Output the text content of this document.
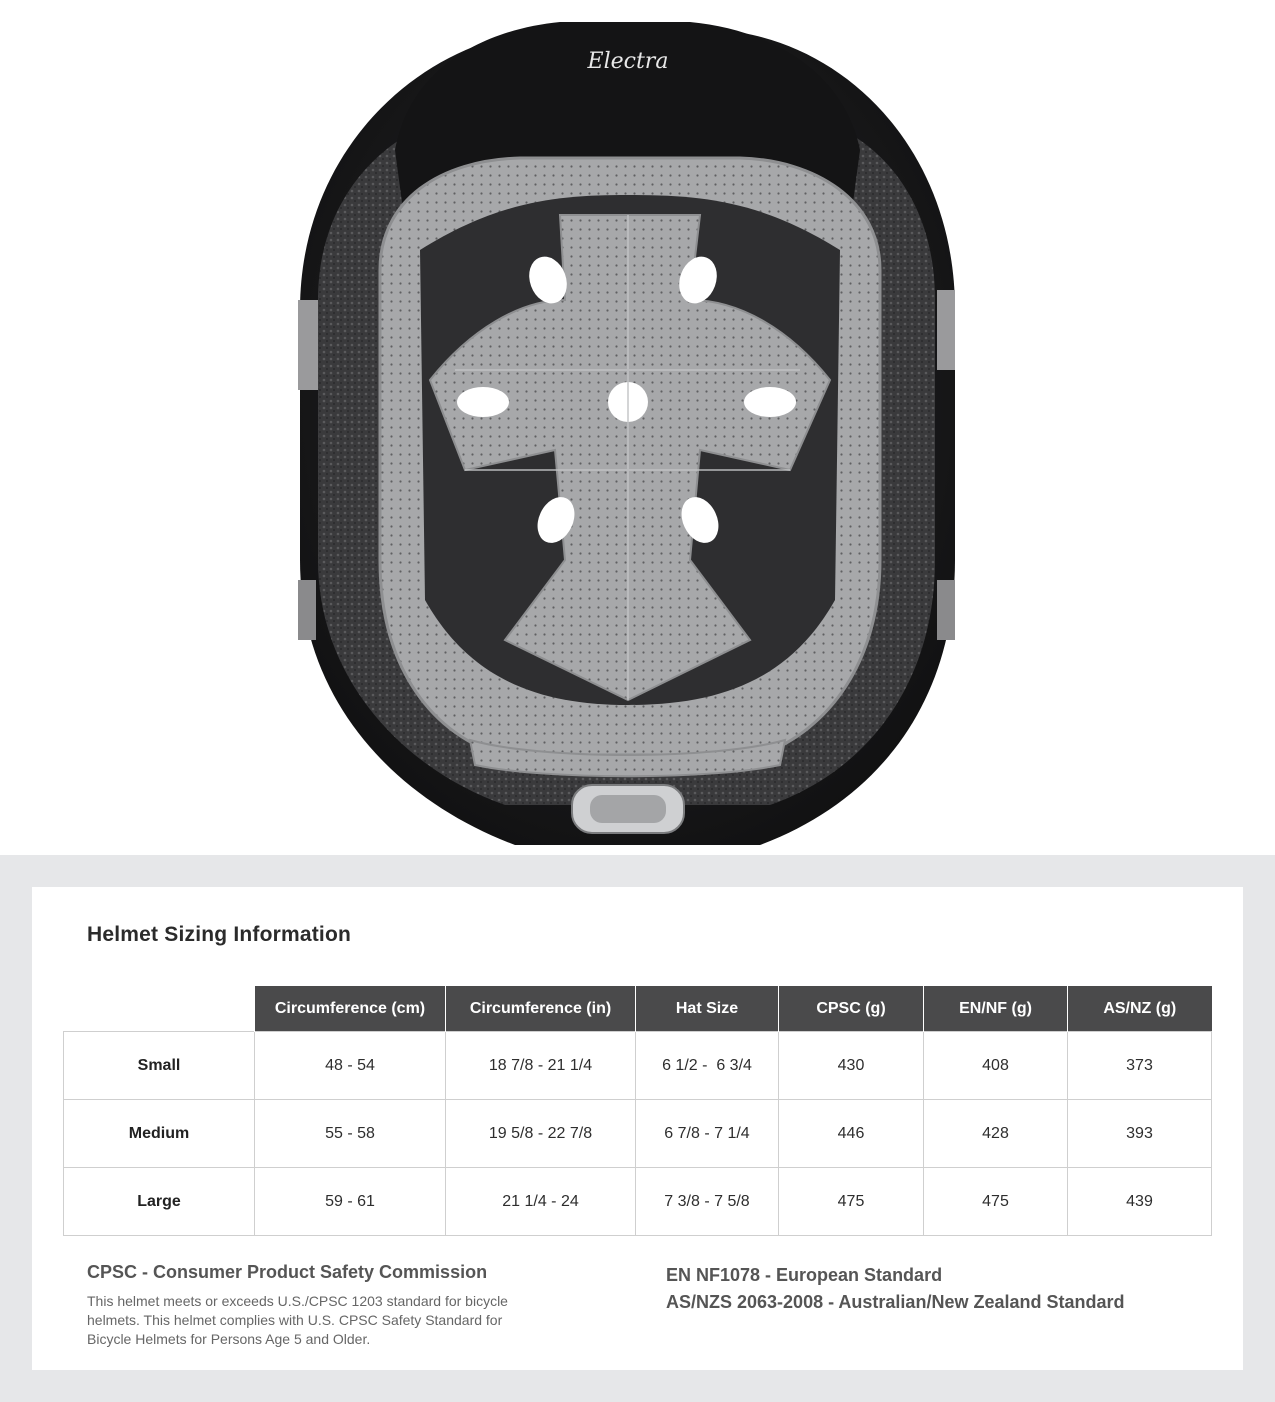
Electra
Helmet Sizing Information
	Circumference (cm)	Circumference (in)	Hat Size	CPSC (g)	EN/NF (g)	AS/NZ (g)
Small	48 - 54	18 7/8 - 21 1/4	6 1/2 -  6 3/4	430	408	373
Medium	55 - 58	19 5/8 - 22 7/8	6 7/8 - 7 1/4	446	428	393
Large	59 - 61	21 1/4 - 24	7 3/8 - 7 5/8	475	475	439
CPSC - Consumer Product Safety Commission
This helmet meets or exceeds U.S./CPSC 1203 standard for bicycle helmets. This helmet complies with U.S. CPSC Safety Standard for Bicycle Helmets for Persons Age 5 and Older.
EN NF1078 - European Standard
AS/NZS 2063-2008 - Australian/New Zealand Standard
